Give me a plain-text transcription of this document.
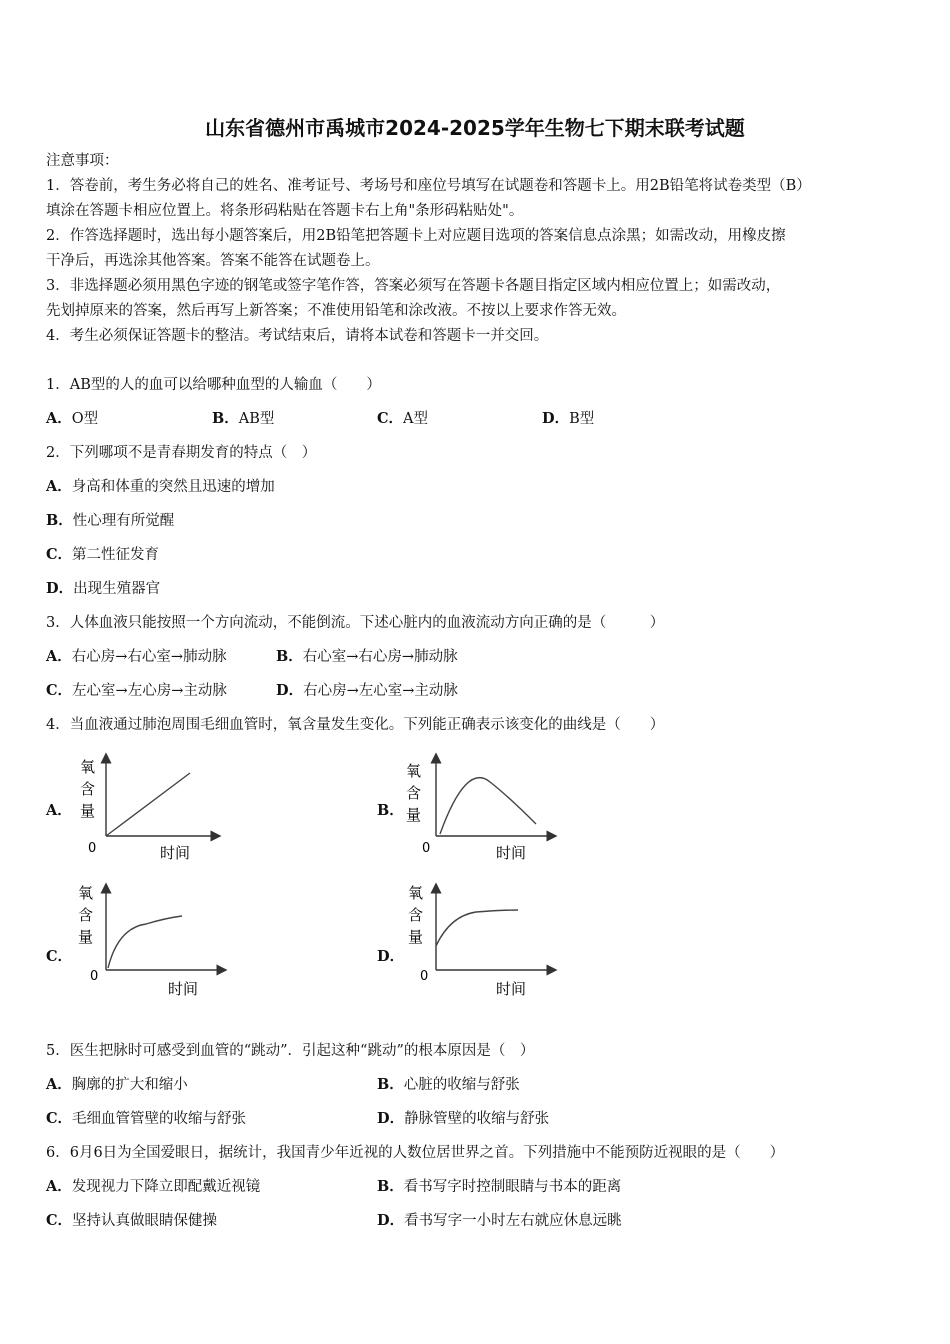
山东省德州市禹城市2024-2025学年生物七下期末联考试题
注意事项：
1．答卷前，考生务必将自己的姓名、准考证号、考场号和座位号填写在试题卷和答题卡上。用2B铅笔将试卷类型（B）
填涂在答题卡相应位置上。将条形码粘贴在答题卡右上角"条形码粘贴处"。
2．作答选择题时，选出每小题答案后，用2B铅笔把答题卡上对应题目选项的答案信息点涂黑；如需改动，用橡皮擦
干净后，再选涂其他答案。答案不能答在试题卷上。
3．非选择题必须用黑色字迹的钢笔或签字笔作答，答案必须写在答题卡各题目指定区域内相应位置上；如需改动，
先划掉原来的答案，然后再写上新答案；不准使用铅笔和涂改液。不按以上要求作答无效。
4．考生必须保证答题卡的整洁。考试结束后，请将本试卷和答题卡一并交回。
1．AB型的人的血可以给哪种血型的人输血（　　）
A．O型	B．AB型	C．A型	D．B型
2．下列哪项不是青春期发育的特点（　）
A．身高和体重的突然且迅速的增加
B．性心理有所觉醒
C．第二性征发育
D．出现生殖器官
3．人体血液只能按照一个方向流动，不能倒流。下述心脏内的血液流动方向正确的是（　　　）
A．右心房→右心室→肺动脉	B．右心室→右心房→肺动脉
C．左心室→左心房→主动脉	D．右心房→左心室→主动脉
4．当血液通过肺泡周围毛细血管时，氧含量发生变化。下列能正确表示该变化的曲线是（　　）
A．
氧
含
量
0	时间
B．
氧
含
量
0	时间
C．
氧
含
量
0
时间
D．
氧
含
量
0
时间
5．医生把脉时可感受到血管的“跳动”．引起这种“跳动”的根本原因是（　）
A．胸廓的扩大和缩小	B．心脏的收缩与舒张
C．毛细血管管壁的收缩与舒张	D．静脉管壁的收缩与舒张
6．6月6日为全国爱眼日，据统计，我国青少年近视的人数位居世界之首。下列措施中不能预防近视眼的是（　　）
A．发现视力下降立即配戴近视镜	B．看书写字时控制眼睛与书本的距离
C．坚持认真做眼睛保健操	D．看书写字一小时左右就应休息远眺
